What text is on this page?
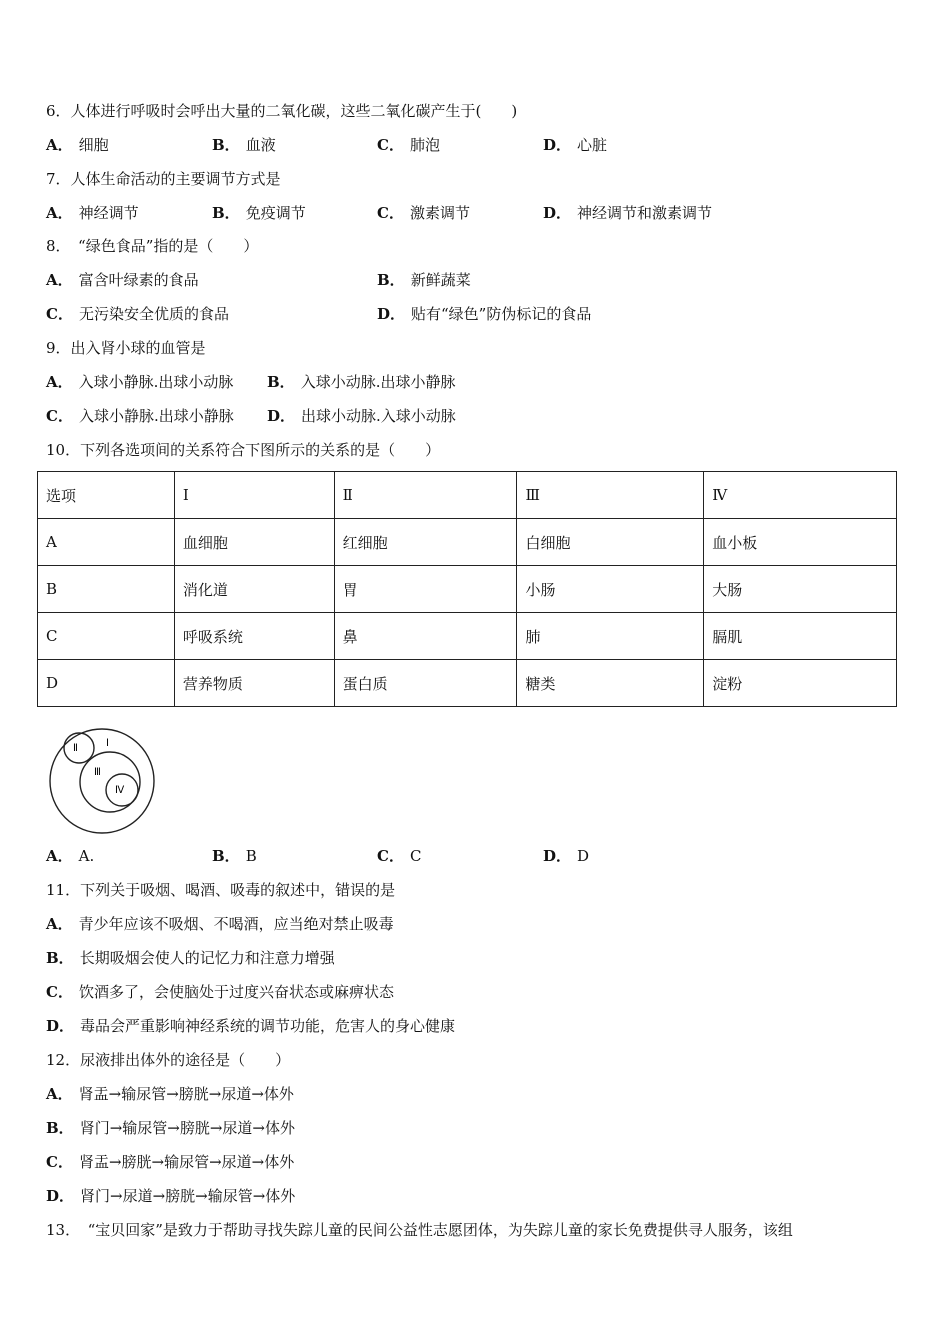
6．人体进行呼吸时会呼出大量的二氧化碳，这些二氧化碳产生于(　　)
A． 细胞	B． 血液	C． 肺泡	D． 心脏
7．人体生命活动的主要调节方式是
A． 神经调节	B． 免疫调节	C． 激素调节	D． 神经调节和激素调节
8．　“绿色食品”指的是（　　）
A． 富含叶绿素的食品	B． 新鲜蔬菜
C． 无污染安全优质的食品	D． 贴有“绿色”防伪标记的食品
9．出入肾小球的血管是
A． 入球小静脉.出球小动脉 B． 入球小动脉.出球小静脉
C． 入球小静脉.出球小静脉 D． 出球小动脉.入球小动脉
10．下列各选项间的关系符合下图所示的关系的是（　　）
选项	Ⅰ	Ⅱ	Ⅲ	Ⅳ
A	血细胞	红细胞	白细胞	血小板
B	消化道	胃	小肠	大肠
C	呼吸系统	鼻	肺	膈肌
D	营养物质	蛋白质	糖类	淀粉
Ⅰ
Ⅱ
Ⅲ
Ⅳ
A． A.	B． B	C． C	D． D
11．下列关于吸烟、喝酒、吸毒的叙述中，错误的是
A． 青少年应该不吸烟、不喝酒，应当绝对禁止吸毒
B． 长期吸烟会使人的记忆力和注意力增强
C． 饮酒多了，会使脑处于过度兴奋状态或麻痹状态
D． 毒品会严重影响神经系统的调节功能，危害人的身心健康
12．尿液排出体外的途径是（　　）
A． 肾盂→输尿管→膀胱→尿道→体外
B． 肾门→输尿管→膀胱→尿道→体外
C． 肾盂→膀胱→输尿管→尿道→体外
D． 肾门→尿道→膀胱→输尿管→体外
13．　“宝贝回家”是致力于帮助寻找失踪儿童的民间公益性志愿团体，为失踪儿童的家长免费提供寻人服务，该组
